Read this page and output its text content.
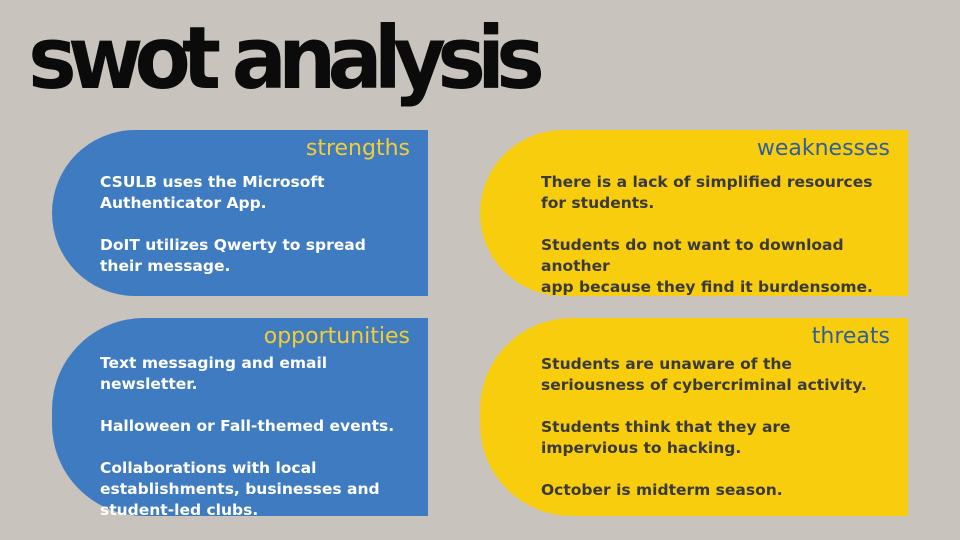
swot analysis
strengths
CSULB uses the Microsoft
Authenticator App.
DoIT utilizes Qwerty to spread
their message.
weaknesses
There is a lack of simplified resources
for students.
Students do not want to download another
app because they find it burdensome.
opportunities
Text messaging and email newsletter.
Halloween or Fall-themed events.
Collaborations with local
establishments, businesses and
student-led clubs.
threats
Students are unaware of the
seriousness of cybercriminal activity.
Students think that they are
impervious to hacking.
October is midterm season.
